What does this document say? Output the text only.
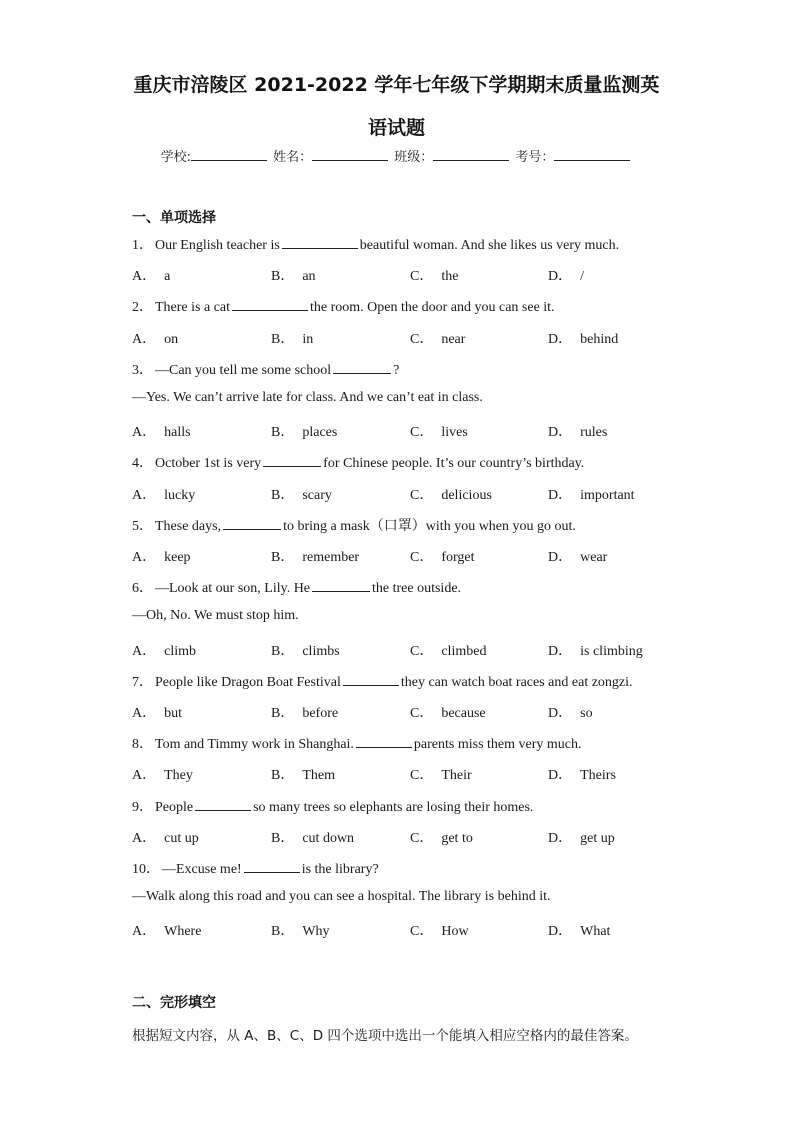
重庆市涪陵区 2021-2022 学年七年级下学期期末质量监测英
语试题
学校:	姓名：	班级：	考号：
一、单项选择
1． Our English teacher is	beautiful woman. And she likes us very much.
A． a	B． an	C． the	D． /
2． There is a cat	the room. Open the door and you can see it.
A． on	B． in	C． near	D． behind
3． —Can you tell me some school	?
—Yes. We can’t arrive late for class. And we can’t eat in class.
A． halls	B． places	C． lives	D． rules
4． October 1st is very	for Chinese people. It’s our country’s birthday.
A． lucky	B． scary	C． delicious	D． important
5． These days,	to bring a mask（口罩）with you when you go out.
A． keep	B． remember	C． forget	D． wear
6． —Look at our son, Lily. He	the tree outside.
—Oh, No. We must stop him.
A． climb	B． climbs	C． climbed	D． is climbing
7． People like Dragon Boat Festival	they can watch boat races and eat zongzi.
A． but	B． before	C． because	D． so
8． Tom and Timmy work in Shanghai.	parents miss them very much.
A． They	B． Them	C． Their	D． Theirs
9． People	so many trees so elephants are losing their homes.
A． cut up	B． cut down	C． get to	D． get up
10． —Excuse me!	is the library?
—Walk along this road and you can see a hospital. The library is behind it.
A． Where	B． Why	C． How	D． What
二、完形填空
根据短文内容，从 A、B、C、D 四个选项中选出一个能填入相应空格内的最佳答案。
